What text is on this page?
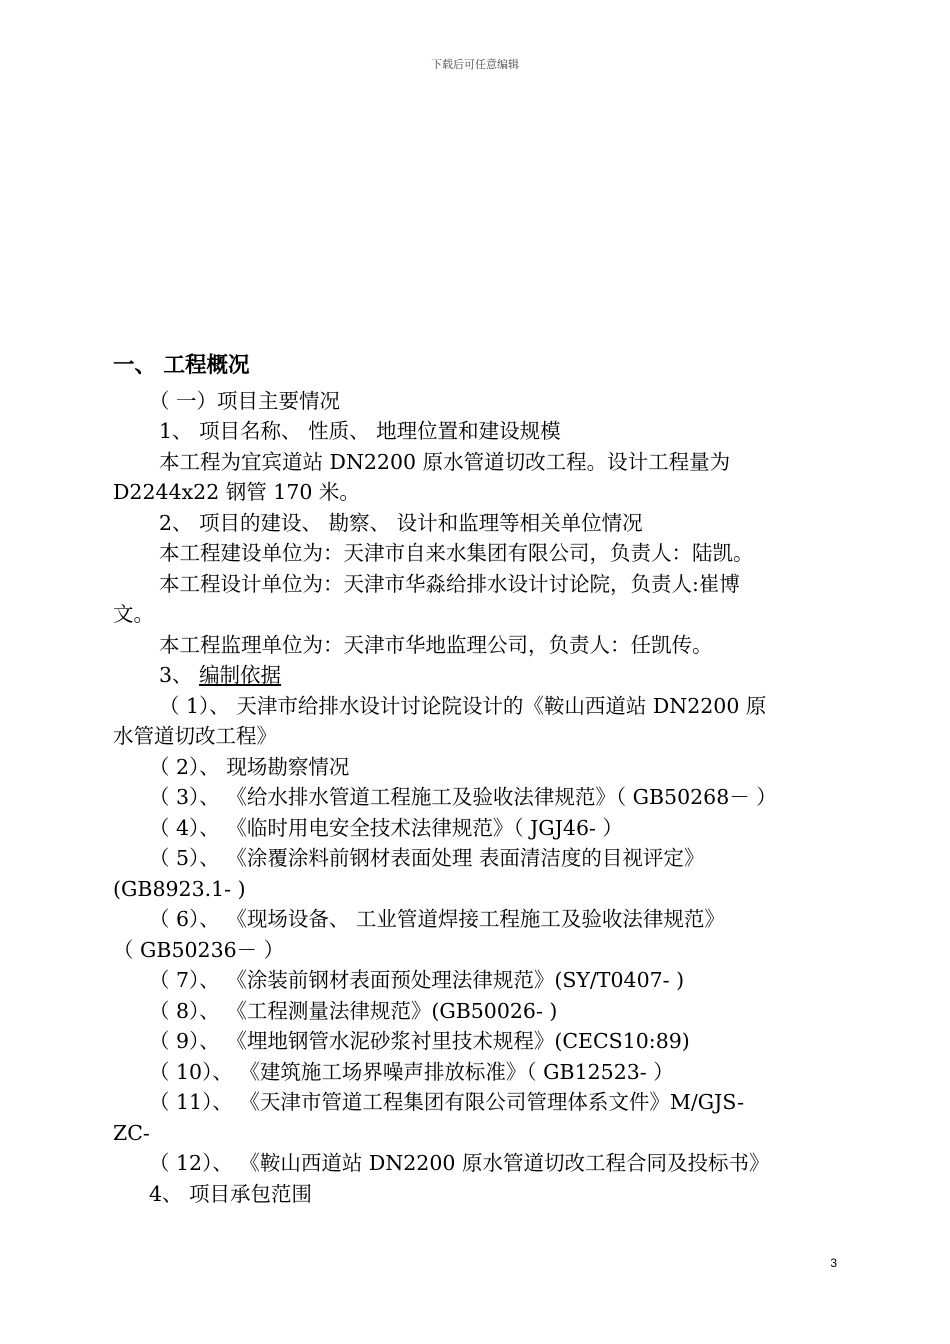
下载后可任意编辑
一、 工程概况
（ 一）项目主要情况
1、 项目名称、 性质、 地理位置和建设规模
本工程为宜宾道站 DN2200 原水管道切改工程。设计工程量为
D2244x22 钢管 170 米。
2、 项目的建设、 勘察、 设计和监理等相关单位情况
本工程建设单位为：天津市自来水集团有限公司，负责人：陆凯。
本工程设计单位为：天津市华淼给排水设计讨论院，负责人:崔博
文。
本工程监理单位为：天津市华地监理公司，负责人：任凯传。
3、 编制依据
（ 1）、 天津市给排水设计讨论院设计的《鞍山西道站 DN2200 原
水管道切改工程》
（ 2）、 现场勘察情况
（ 3）、 《给水排水管道工程施工及验收法律规范》（ GB50268－ ）
（ 4）、 《临时用电安全技术法律规范》（ JGJ46- ）
（ 5）、 《涂覆涂料前钢材表面处理 表面清洁度的目视评定》
(GB8923.1- )
（ 6）、 《现场设备、 工业管道焊接工程施工及验收法律规范》
（ GB50236－ ）
（ 7）、 《涂装前钢材表面预处理法律规范》(SY/T0407- )
（ 8）、 《工程测量法律规范》(GB50026- )
（ 9）、 《埋地钢管水泥砂浆衬里技术规程》(CECS10:89)
（ 10）、 《建筑施工场界噪声排放标准》（ GB12523- ）
（ 11）、 《天津市管道工程集团有限公司管理体系文件》M/GJS-
ZC-
（ 12）、 《鞍山西道站 DN2200 原水管道切改工程合同及投标书》
4、 项目承包范围
3
